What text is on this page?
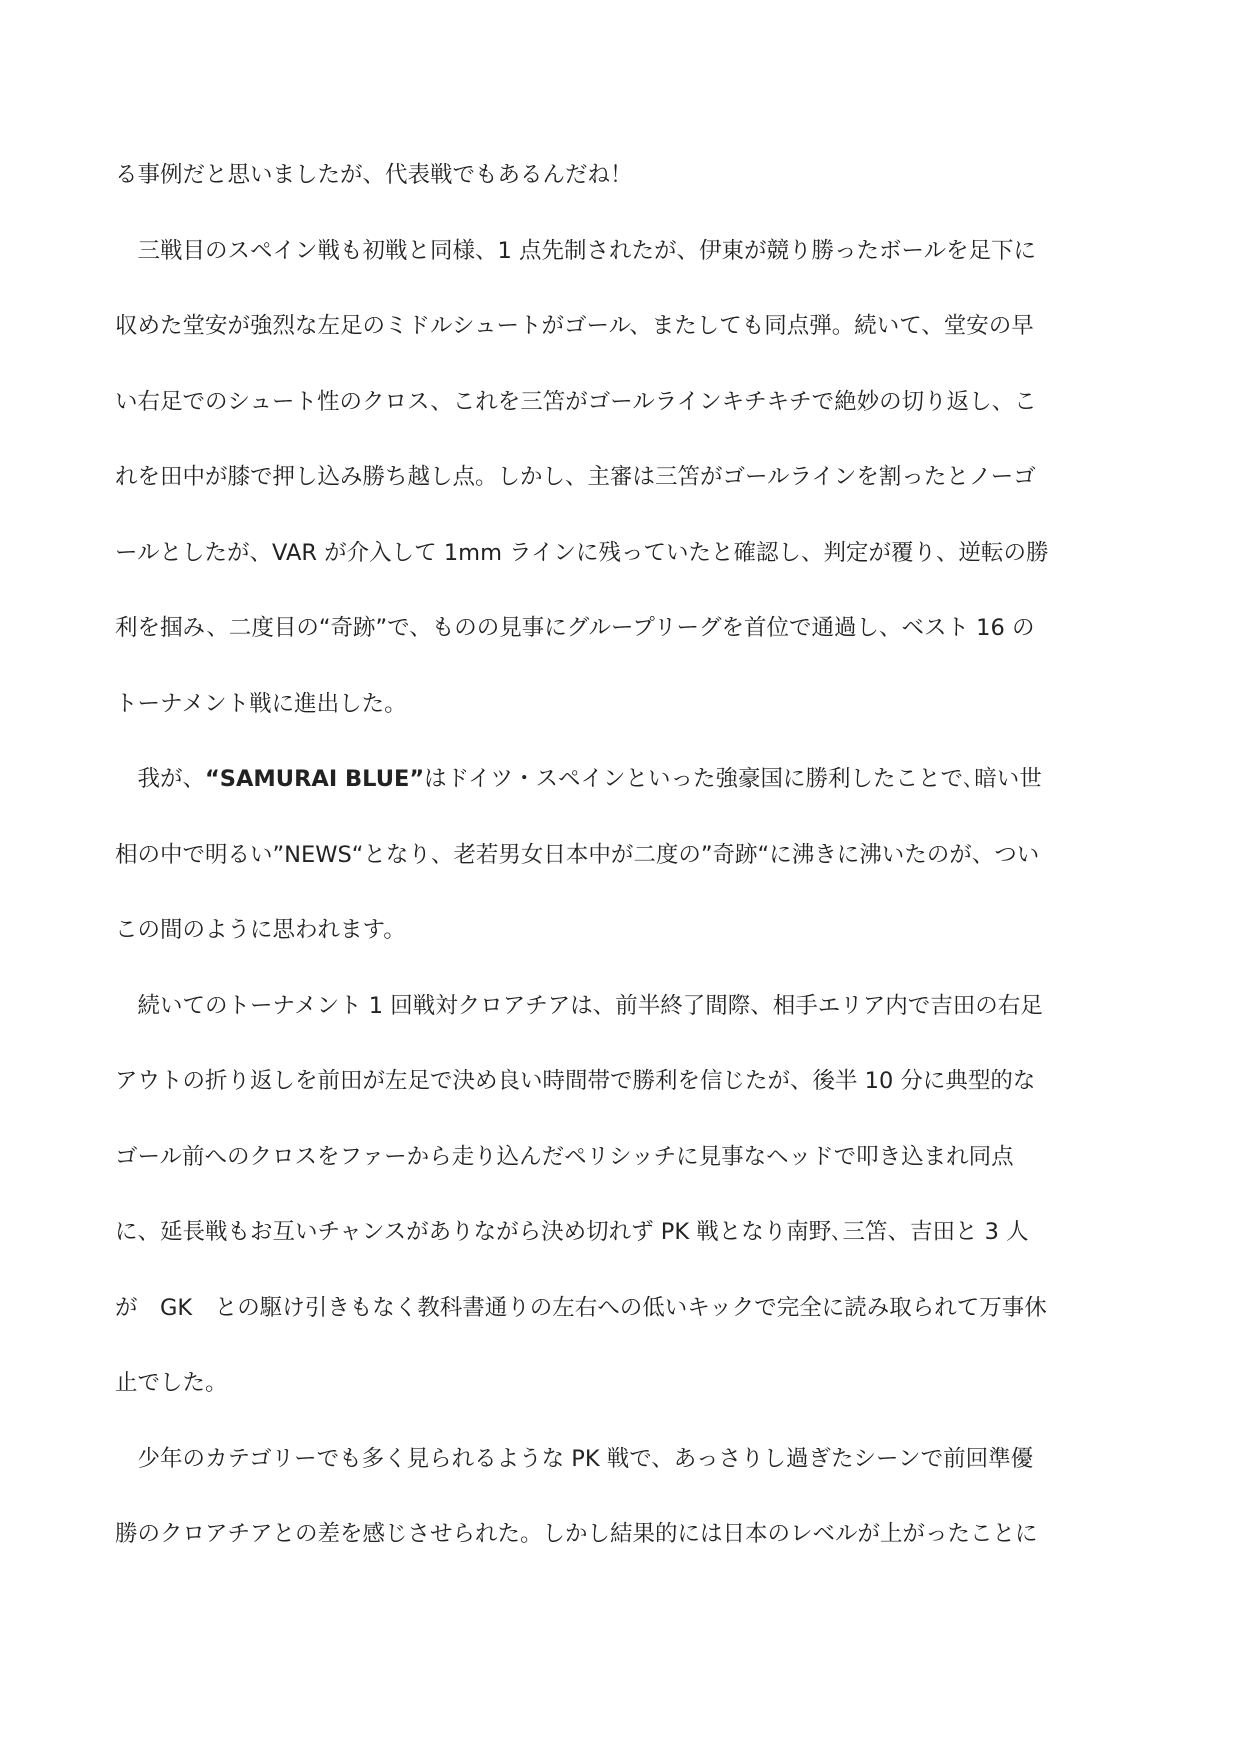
る事例だと思いましたが、代表戦でもあるんだね！
　三戦目のスペイン戦も初戦と同様、1 点先制されたが、伊東が競り勝ったボールを足下に
収めた堂安が強烈な左足のミドルシュートがゴール、またしても同点弾。続いて、堂安の早
い右足でのシュート性のクロス、これを三笘がゴールラインキチキチで絶妙の切り返し、こ
れを田中が膝で押し込み勝ち越し点。しかし、主審は三笘がゴールラインを割ったとノーゴ
ールとしたが、VAR が介入して 1mm ラインに残っていたと確認し、判定が覆り、逆転の勝
利を掴み、二度目の“奇跡”で、ものの見事にグループリーグを首位で通過し、ベスト 16 の
トーナメント戦に進出した。
　我が、“SAMURAI BLUE”はドイツ・スペインといった強豪国に勝利したことで､暗い世
相の中で明るい”NEWS“となり、老若男女日本中が二度の”奇跡“に沸きに沸いたのが、つい
この間のように思われます。
　続いてのトーナメント 1 回戦対クロアチアは、前半終了間際、相手エリア内で吉田の右足
アウトの折り返しを前田が左足で決め良い時間帯で勝利を信じたが、後半 10 分に典型的な
ゴール前へのクロスをファーから走り込んだペリシッチに見事なヘッドで叩き込まれ同点
に、延長戦もお互いチャンスがありながら決め切れず PK 戦となり南野､三笘、吉田と 3 人
が　GK　との駆け引きもなく教科書通りの左右への低いキックで完全に読み取られて万事休
止でした。
　少年のカテゴリーでも多く見られるような PK 戦で、あっさりし過ぎたシーンで前回準優
勝のクロアチアとの差を感じさせられた。しかし結果的には日本のレベルが上がったことに
